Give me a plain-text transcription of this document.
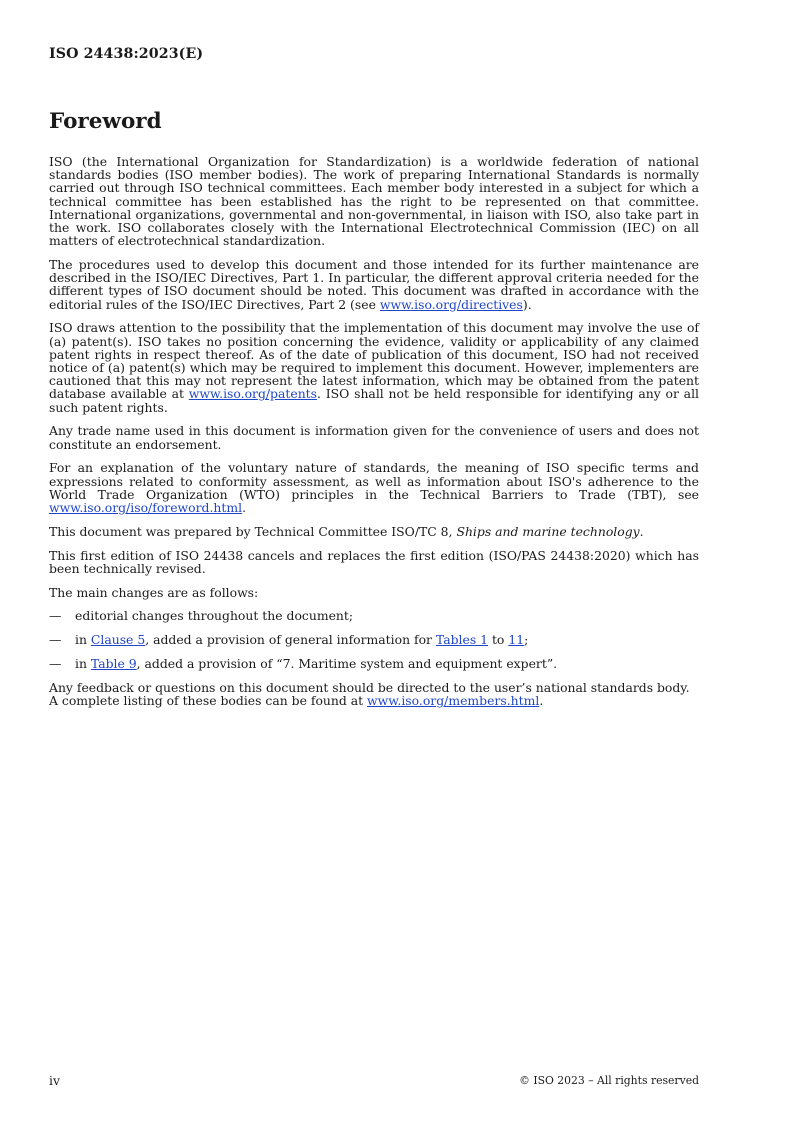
ISO 24438:2023(E)
Foreword

ISO (the International Organization for Standardization) is a worldwide federation of national standards bodies (ISO member bodies). The work of preparing International Standards is normally carried out through ISO technical committees. Each member body interested in a subject for which a technical committee has been established has the right to be represented on that committee. International organizations, governmental and non-governmental, in liaison with ISO, also take part in the work. ISO collaborates closely with the International Electrotechnical Commission (IEC) on all matters of electrotechnical standardization.

The procedures used to develop this document and those intended for its further maintenance are described in the ISO/IEC Directives, Part 1. In particular, the different approval criteria needed for the different types of ISO document should be noted. This document was drafted in accordance with the editorial rules of the ISO/IEC Directives, Part 2 (see www.iso.org/directives).

ISO draws attention to the possibility that the implementation of this document may involve the use of (a) patent(s). ISO takes no position concerning the evidence, validity or applicability of any claimed patent rights in respect thereof. As of the date of publication of this document, ISO had not received notice of (a) patent(s) which may be required to implement this document. However, implementers are cautioned that this may not represent the latest information, which may be obtained from the patent database available at www.iso.org/patents. ISO shall not be held responsible for identifying any or all such patent rights.

Any trade name used in this document is information given for the convenience of users and does not constitute an endorsement.

For an explanation of the voluntary nature of standards, the meaning of ISO specific terms and expressions related to conformity assessment, as well as information about ISO's adherence to the World Trade Organization (WTO) principles in the Technical Barriers to Trade (TBT), see www.iso.org/iso/foreword.html.

This document was prepared by Technical Committee ISO/TC 8, Ships and marine technology.

This first edition of ISO 24438 cancels and replaces the first edition (ISO/PAS 24438:2020) which has been technically revised.

The main changes are as follows:

—	editorial changes throughout the document;
—	in Clause 5, added a provision of general information for Tables 1 to 11;
—	in Table 9, added a provision of “7. Maritime system and equipment expert”.

Any feedback or questions on this document should be directed to the user’s national standards body. A complete listing of these bodies can be found at www.iso.org/members.html.

iv	© ISO 2023 – All rights reserved
